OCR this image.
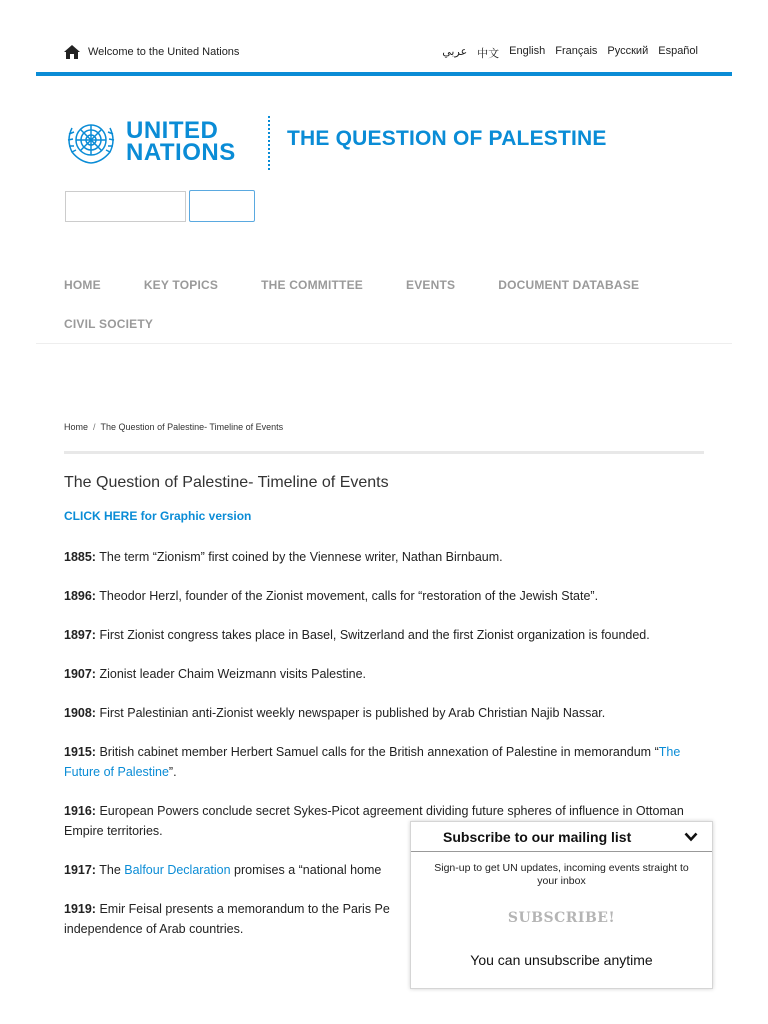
Welcome to the United Nations	عربي 中文 English Français Русский Español
UNITED
NATIONS
THE QUESTION OF PALESTINE
HOME	KEY TOPICS	THE COMMITTEE	EVENTS	DOCUMENT DATABASE
CIVIL SOCIETY
Home / The Question of Palestine- Timeline of Events
The Question of Palestine- Timeline of Events
CLICK HERE for Graphic version

1885: The term “Zionism” first coined by the Viennese writer, Nathan Birnbaum.

1896: Theodor Herzl, founder of the Zionist movement, calls for “restoration of the Jewish State”.

1897: First Zionist congress takes place in Basel, Switzerland and the first Zionist organization is founded.

1907: Zionist leader Chaim Weizmann visits Palestine.

1908: First Palestinian anti-Zionist weekly newspaper is published by Arab Christian Najib Nassar.

1915: British cabinet member Herbert Samuel calls for the British annexation of Palestine in memorandum “The Future of Palestine”.

1916: European Powers conclude secret Sykes-Picot agreement dividing future spheres of influence in Ottoman Empire territories.

1917: The Balfour Declaration promises a “national home

1919: Emir Feisal presents a memorandum to the Paris Pe
independence of Arab countries.

Subscribe to our mailing list
Sign-up to get UN updates, incoming events straight to your inbox
SUBSCRIBE!
You can unsubscribe anytime
